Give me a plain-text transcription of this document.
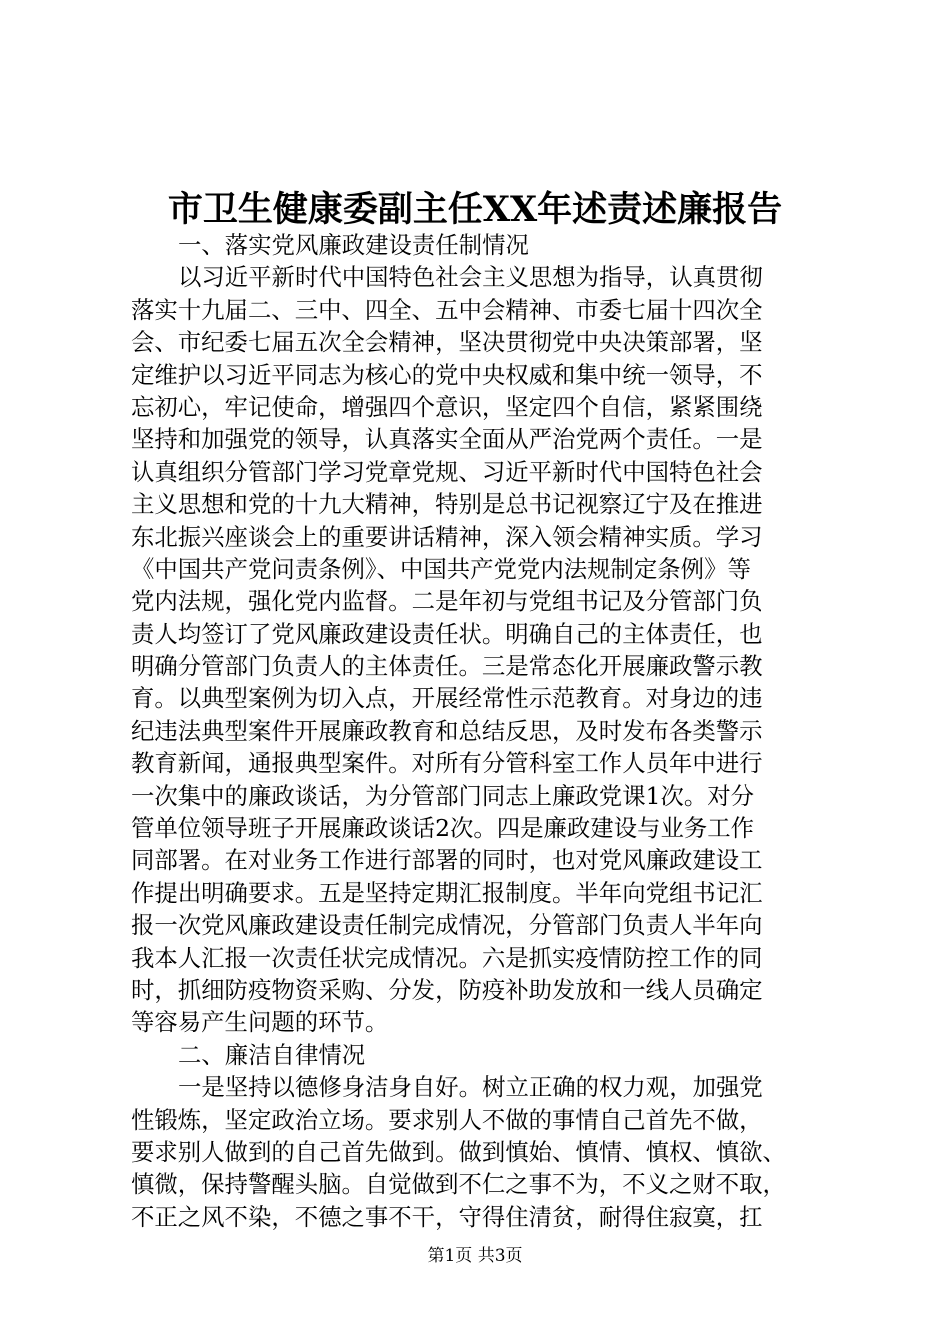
市卫生健康委副主任XX年述责述廉报告
一、落实党风廉政建设责任制情况
以习近平新时代中国特色社会主义思想为指导，认真贯彻
落实十九届二、三中、四全、五中会精神、市委七届十四次全
会、市纪委七届五次全会精神，坚决贯彻党中央决策部署，坚
定维护以习近平同志为核心的党中央权威和集中统一领导，不
忘初心，牢记使命，增强四个意识，坚定四个自信，紧紧围绕
坚持和加强党的领导，认真落实全面从严治党两个责任。一是
认真组织分管部门学习党章党规、习近平新时代中国特色社会
主义思想和党的十九大精神，特别是总书记视察辽宁及在推进
东北振兴座谈会上的重要讲话精神，深入领会精神实质。学习
《中国共产党问责条例》、中国共产党党内法规制定条例》等
党内法规，强化党内监督。二是年初与党组书记及分管部门负
责人均签订了党风廉政建设责任状。明确自己的主体责任，也
明确分管部门负责人的主体责任。三是常态化开展廉政警示教
育。以典型案例为切入点，开展经常性示范教育。对身边的违
纪违法典型案件开展廉政教育和总结反思，及时发布各类警示
教育新闻，通报典型案件。对所有分管科室工作人员年中进行
一次集中的廉政谈话，为分管部门同志上廉政党课1次。对分
管单位领导班子开展廉政谈话2次。四是廉政建设与业务工作
同部署。在对业务工作进行部署的同时，也对党风廉政建设工
作提出明确要求。五是坚持定期汇报制度。半年向党组书记汇
报一次党风廉政建设责任制完成情况，分管部门负责人半年向
我本人汇报一次责任状完成情况。六是抓实疫情防控工作的同
时，抓细防疫物资采购、分发，防疫补助发放和一线人员确定
等容易产生问题的环节。
二、廉洁自律情况
一是坚持以德修身洁身自好。树立正确的权力观，加强党
性锻炼，坚定政治立场。要求别人不做的事情自己首先不做，
要求别人做到的自己首先做到。做到慎始、慎情、慎权、慎欲、
慎微，保持警醒头脑。自觉做到不仁之事不为，不义之财不取，
不正之风不染，不德之事不干，守得住清贫，耐得住寂寞，扛
第1页 共3页
